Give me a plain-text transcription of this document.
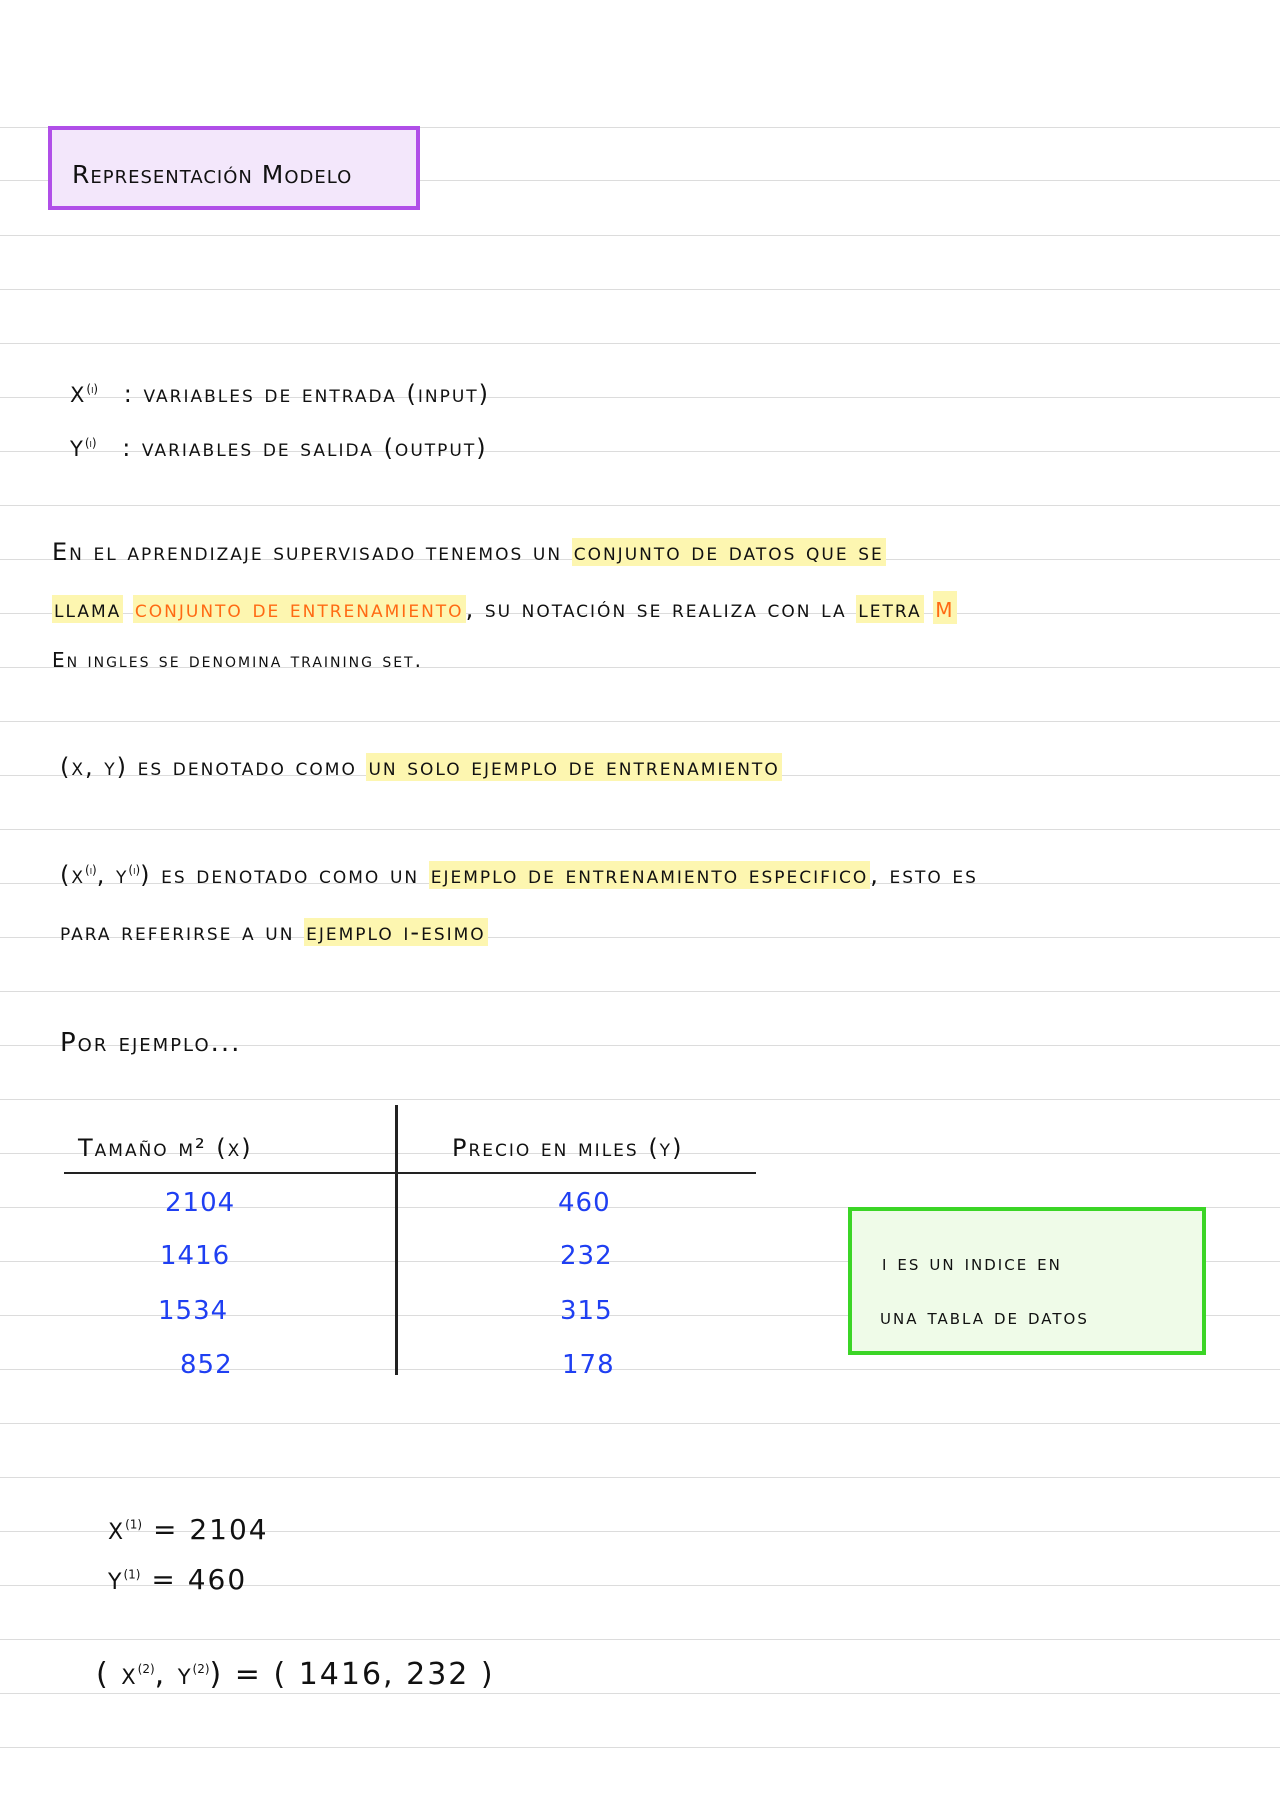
Representación Modelo
$x^{(i)}$ : variables de entrada (input)
$y^{(i)}$ : variables de salida (output)
En el aprendizaje supervisado tenemos un conjunto de datos que se
llama conjunto de entrenamiento, su notación se realiza con la letra m
En ingles se denomina training set.
(x, y) es denotado como un solo ejemplo de entrenamiento
($x^{(i)}$, $y^{(i)}$) es denotado como un ejemplo de entrenamiento especifico, esto es
para referirse a un ejemplo i-esimo
Por ejemplo...
Tamaño m² (x)	Precio en miles (y)
2104	460
1416	232
1534	315
852	178
i es un indice en
una tabla de datos
$x^{(1)} = 2104$
$y^{(1)} = 460$
( $x^{(2)}$, $y^{(2)}$) = ( 1416, 232 )
